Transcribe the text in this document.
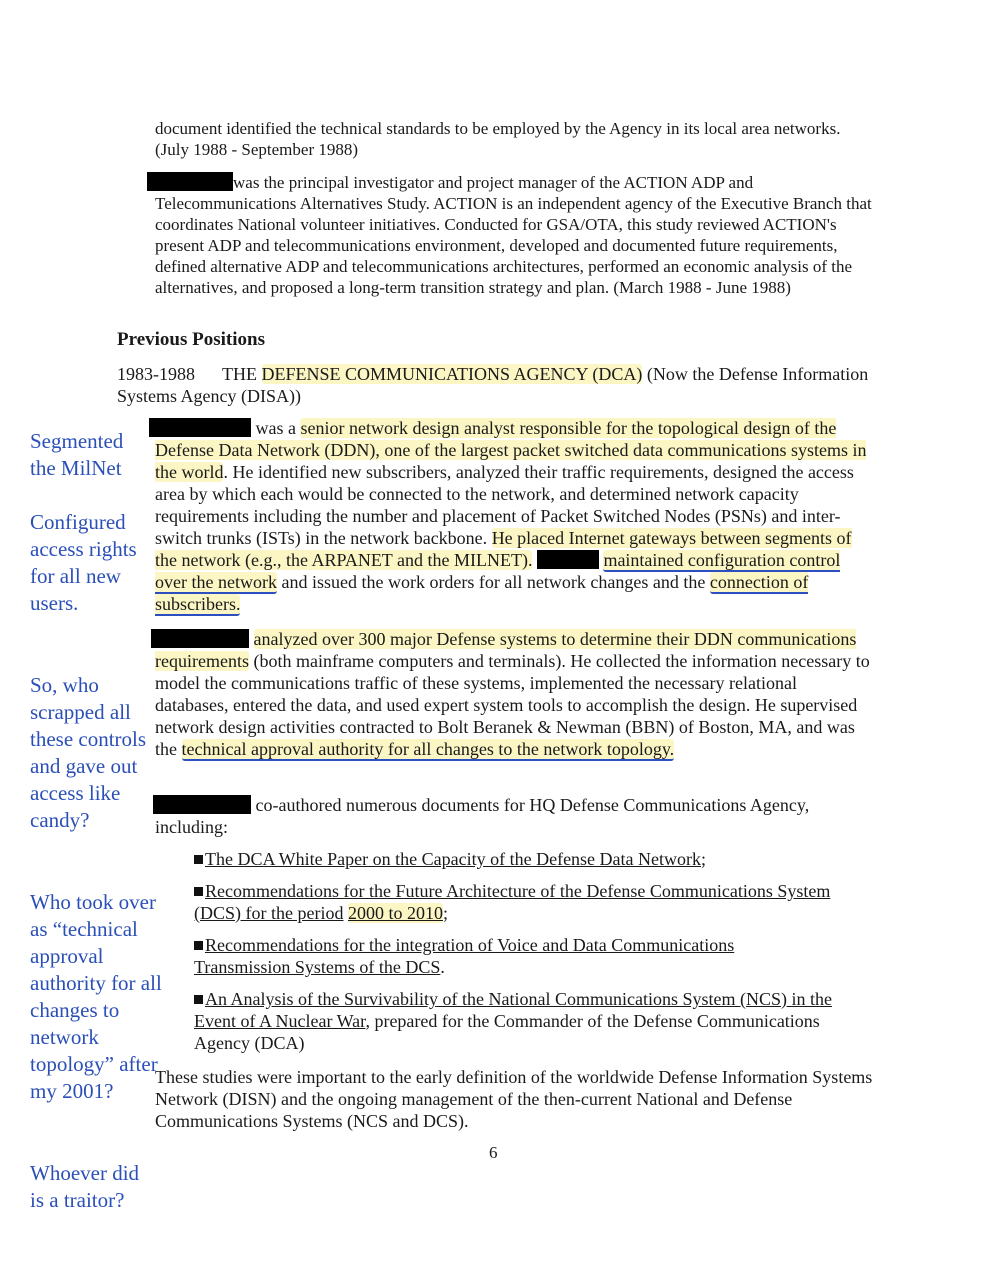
document identified the technical standards to be employed by the Agency in its local area networks. (July 1988 - September 1988)
was the principal investigator and project manager of the ACTION ADP and Telecommunications Alternatives Study. ACTION is an independent agency of the Executive Branch that coordinates National volunteer initiatives. Conducted for GSA/OTA, this study reviewed ACTION's present ADP and telecommunications environment, developed and documented future requirements, defined alternative ADP and telecommunications architectures, performed an economic analysis of the alternatives, and proposed a long-term transition strategy and plan. (March 1988 - June 1988)
Previous Positions
1983-1988 THE DEFENSE COMMUNICATIONS AGENCY (DCA) (Now the Defense Information Systems Agency (DISA))
was a senior network design analyst responsible for the topological design of the Defense Data Network (DDN), one of the largest packet switched data communications systems in the world. He identified new subscribers, analyzed their traffic requirements, designed the access area by which each would be connected to the network, and determined network capacity requirements including the number and placement of Packet Switched Nodes (PSNs) and inter-switch trunks (ISTs) in the network backbone. He placed Internet gateways between segments of the network (e.g., the ARPANET and the MILNET).	maintained configuration control over the network and issued the work orders for all network changes and the connection of subscribers.
analyzed over 300 major Defense systems to determine their DDN communications requirements (both mainframe computers and terminals). He collected the information necessary to model the communications traffic of these systems, implemented the necessary relational databases, entered the data, and used expert system tools to accomplish the design. He supervised network design activities contracted to Bolt Beranek & Newman (BBN) of Boston, MA, and was the technical approval authority for all changes to the network topology.
co-authored numerous documents for HQ Defense Communications Agency, including:
The DCA White Paper on the Capacity of the Defense Data Network;
Recommendations for the Future Architecture of the Defense Communications System (DCS) for the period 2000 to 2010;
Recommendations for the integration of Voice and Data Communications Transmission Systems of the DCS.
An Analysis of the Survivability of the National Communications System (NCS) in the Event of A Nuclear War, prepared for the Commander of the Defense Communications Agency (DCA)
These studies were important to the early definition of the worldwide Defense Information Systems Network (DISN) and the ongoing management of the then-current National and Defense Communications Systems (NCS and DCS).
6
Segmented the MilNet
Configured access rights for all new users.
So, who scrapped all these controls and gave out access like candy?
Who took over as “technical approval authority for all changes to network topology” after my 2001?
Whoever did is a traitor?
